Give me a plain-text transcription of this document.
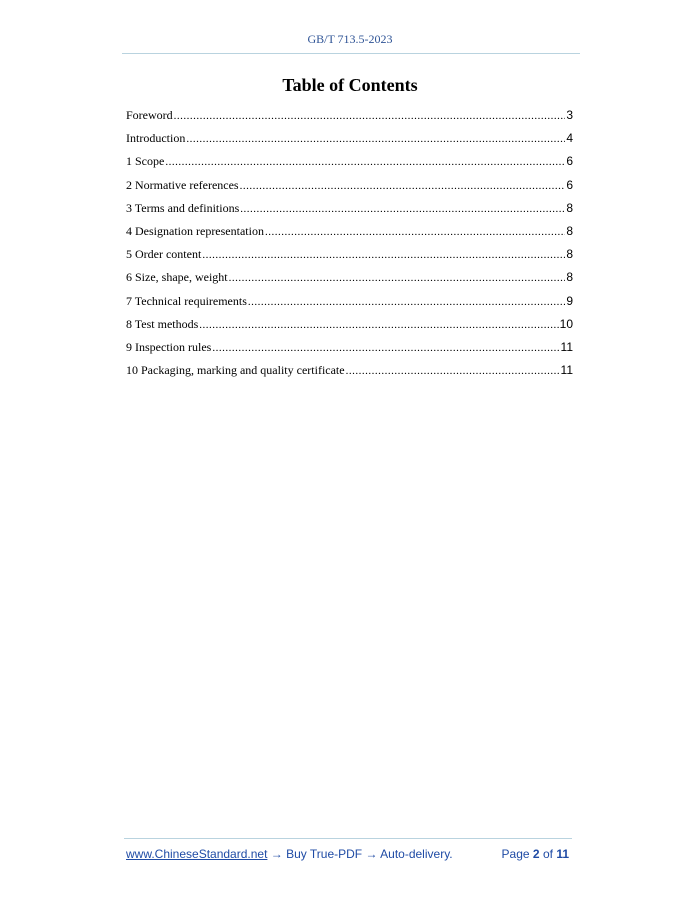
GB/T 713.5-2023
Table of Contents
Foreword .....	3
Introduction .....	4
1 Scope .....	6
2 Normative references .....	6
3 Terms and definitions .....	8
4 Designation representation .....	8
5 Order content .....	8
6 Size, shape, weight .....	8
7 Technical requirements .....	9
8 Test methods .....	10
9 Inspection rules .....	11
10 Packaging, marking and quality certificate .....	11
www.ChineseStandard.net → Buy True-PDF → Auto-delivery.	Page 2 of 11
